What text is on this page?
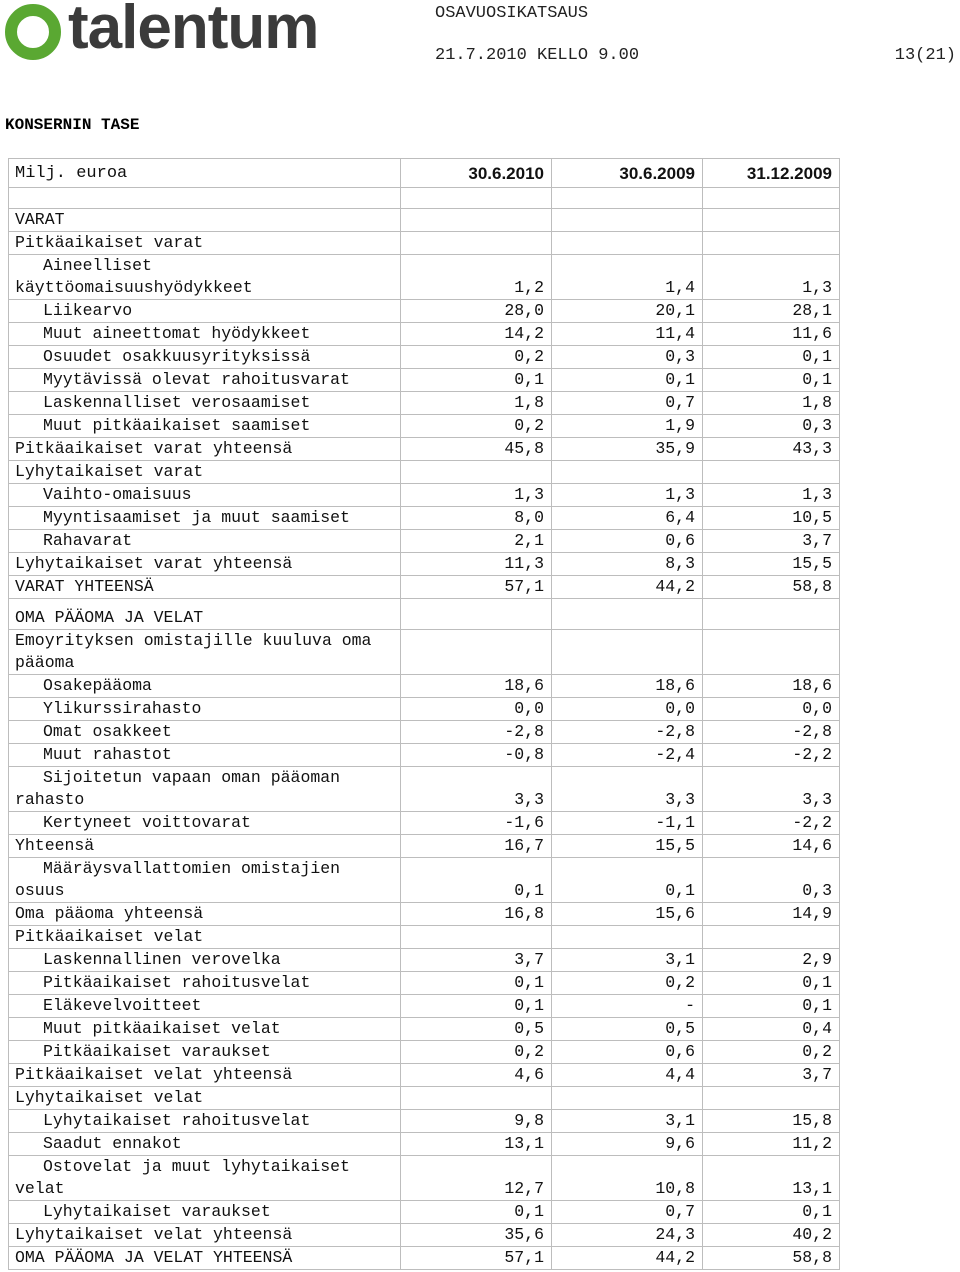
talentum	OSAVUOSIKATSAUS
21.7.2010 KELLO 9.00	13(21)
KONSERNIN TASE
Milj. euroa	30.6.2010	30.6.2009	31.12.2009

VARAT			
Pitkäaikaiset varat			
Aineelliset käyttöomaisuushyödykkeet	1,2	1,4	1,3
Liikearvo	28,0	20,1	28,1
Muut aineettomat hyödykkeet	14,2	11,4	11,6
Osuudet osakkuusyrityksissä	0,2	0,3	0,1
Myytävissä olevat rahoitusvarat	0,1	0,1	0,1
Laskennalliset verosaamiset	1,8	0,7	1,8
Muut pitkäaikaiset saamiset	0,2	1,9	0,3
Pitkäaikaiset varat yhteensä	45,8	35,9	43,3
Lyhytaikaiset varat			
Vaihto-omaisuus	1,3	1,3	1,3
Myyntisaamiset ja muut saamiset	8,0	6,4	10,5
Rahavarat	2,1	0,6	3,7
Lyhytaikaiset varat yhteensä	11,3	8,3	15,5
VARAT YHTEENSÄ	57,1	44,2	58,8
OMA PÄÄOMA JA VELAT			
Emoyrityksen omistajille kuuluva oma pääoma			
Osakepääoma	18,6	18,6	18,6
Ylikurssirahasto	0,0	0,0	0,0
Omat osakkeet	-2,8	-2,8	-2,8
Muut rahastot	-0,8	-2,4	-2,2
Sijoitetun vapaan oman pääoman rahasto	3,3	3,3	3,3
Kertyneet voittovarat	-1,6	-1,1	-2,2
Yhteensä	16,7	15,5	14,6
Määräysvallattomien omistajien osuus	0,1	0,1	0,3
Oma pääoma yhteensä	16,8	15,6	14,9
Pitkäaikaiset velat			
Laskennallinen verovelka	3,7	3,1	2,9
Pitkäaikaiset rahoitusvelat	0,1	0,2	0,1
Eläkevelvoitteet	0,1	-	0,1
Muut pitkäaikaiset velat	0,5	0,5	0,4
Pitkäaikaiset varaukset	0,2	0,6	0,2
Pitkäaikaiset velat yhteensä	4,6	4,4	3,7
Lyhytaikaiset velat			
Lyhytaikaiset rahoitusvelat	9,8	3,1	15,8
Saadut ennakot	13,1	9,6	11,2
Ostovelat ja muut lyhytaikaiset velat	12,7	10,8	13,1
Lyhytaikaiset varaukset	0,1	0,7	0,1
Lyhytaikaiset velat yhteensä	35,6	24,3	40,2
OMA PÄÄOMA JA VELAT YHTEENSÄ	57,1	44,2	58,8
